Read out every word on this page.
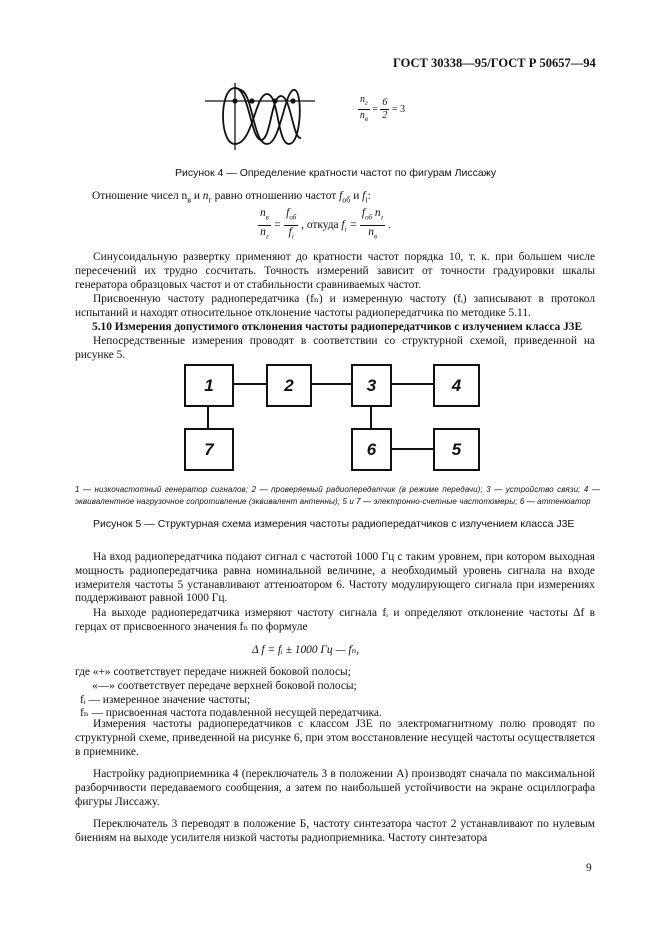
ГОСТ 30338—95/ГОСТ Р 50657—94
$\frac{n_г}{n_в} = \frac{6}{2} = 3$
Рисунок 4 — Определение кратности частот по фигурам Лиссажу
Отношение чисел $n_в$ и $n_г$ равно отношению частот $f_{об}$ и $f_i$:
$\frac{n_в}{n_г} = \frac{f_{об}}{f_i}$ , откуда $f_i = \frac{f_{об} n_г}{n_в}$ .
Синусоидальную развертку применяют до кратности частот порядка 10, т. к. при большем числе пересечений их трудно сосчитать. Точность измерений зависит от точности градуировки шкалы генератора образцовых частот и от стабильности сравниваемых частот.
Присвоенную частоту радиопередатчика (fₙ) и измеренную частоту (fᵢ) записывают в протокол испытаний и находят относительное отклонение частоты радиопередатчика по методике 5.11.
5.10 Измерения допустимого отклонения частоты радиопередатчиков с излучением класса J3E
Непосредственные измерения проводят в соответствии со структурной схемой, приведенной на рисунке 5.
1	2	3	4
7	6	5
1 — низкочастотный генератор сигналов; 2 — проверяемый радиопередатчик (в режиме передачи); 3 — устройство связи; 4 — эквивалентное нагрузочное сопротивление (эквивалент антенны); 5 и 7 — электронно-счетные частотомеры; 6 — аттенюатор
Рисунок 5 — Структурная схема измерения частоты радиопередатчиков с излучением класса J3E
На вход радиопередатчика подают сигнал с частотой 1000 Гц с таким уровнем, при котором выходная мощность радиопередатчика равна номинальной величине, а необходимый уровень сигнала на входе измерителя частоты 5 устанавливают аттенюатором 6. Частоту модулирующего сигнала при измерениях поддерживают равной 1000 Гц.
На выходе радиопередатчика измеряют частоту сигнала fᵢ и определяют отклонение частоты Δf в герцах от присвоенного значения fₙ по формуле
Δ f = fᵢ ± 1000 Гц — fₙ,
где «+» соответствует передаче нижней боковой полосы;
«—» соответствует передаче верхней боковой полосы;
fᵢ — измеренное значение частоты;
fₙ — присвоенная частота подавленной несущей передатчика.
Измерения частоты радиопередатчиков с классом J3E по электромагнитному полю проводят по структурной схеме, приведенной на рисунке 6, при этом восстановление несущей частоты осуществляется в приемнике.
Настройку радиоприемника 4 (переключатель 3 в положении А) производят сначала по максимальной разборчивости передаваемого сообщения, а затем по наибольшей устойчивости на экране осциллографа фигуры Лиссажу.
Переключатель 3 переводят в положение Б, частоту синтезатора частот 2 устанавливают по нулевым биениям на выходе усилителя низкой частоты радиоприемника. Частоту синтезатора
9
